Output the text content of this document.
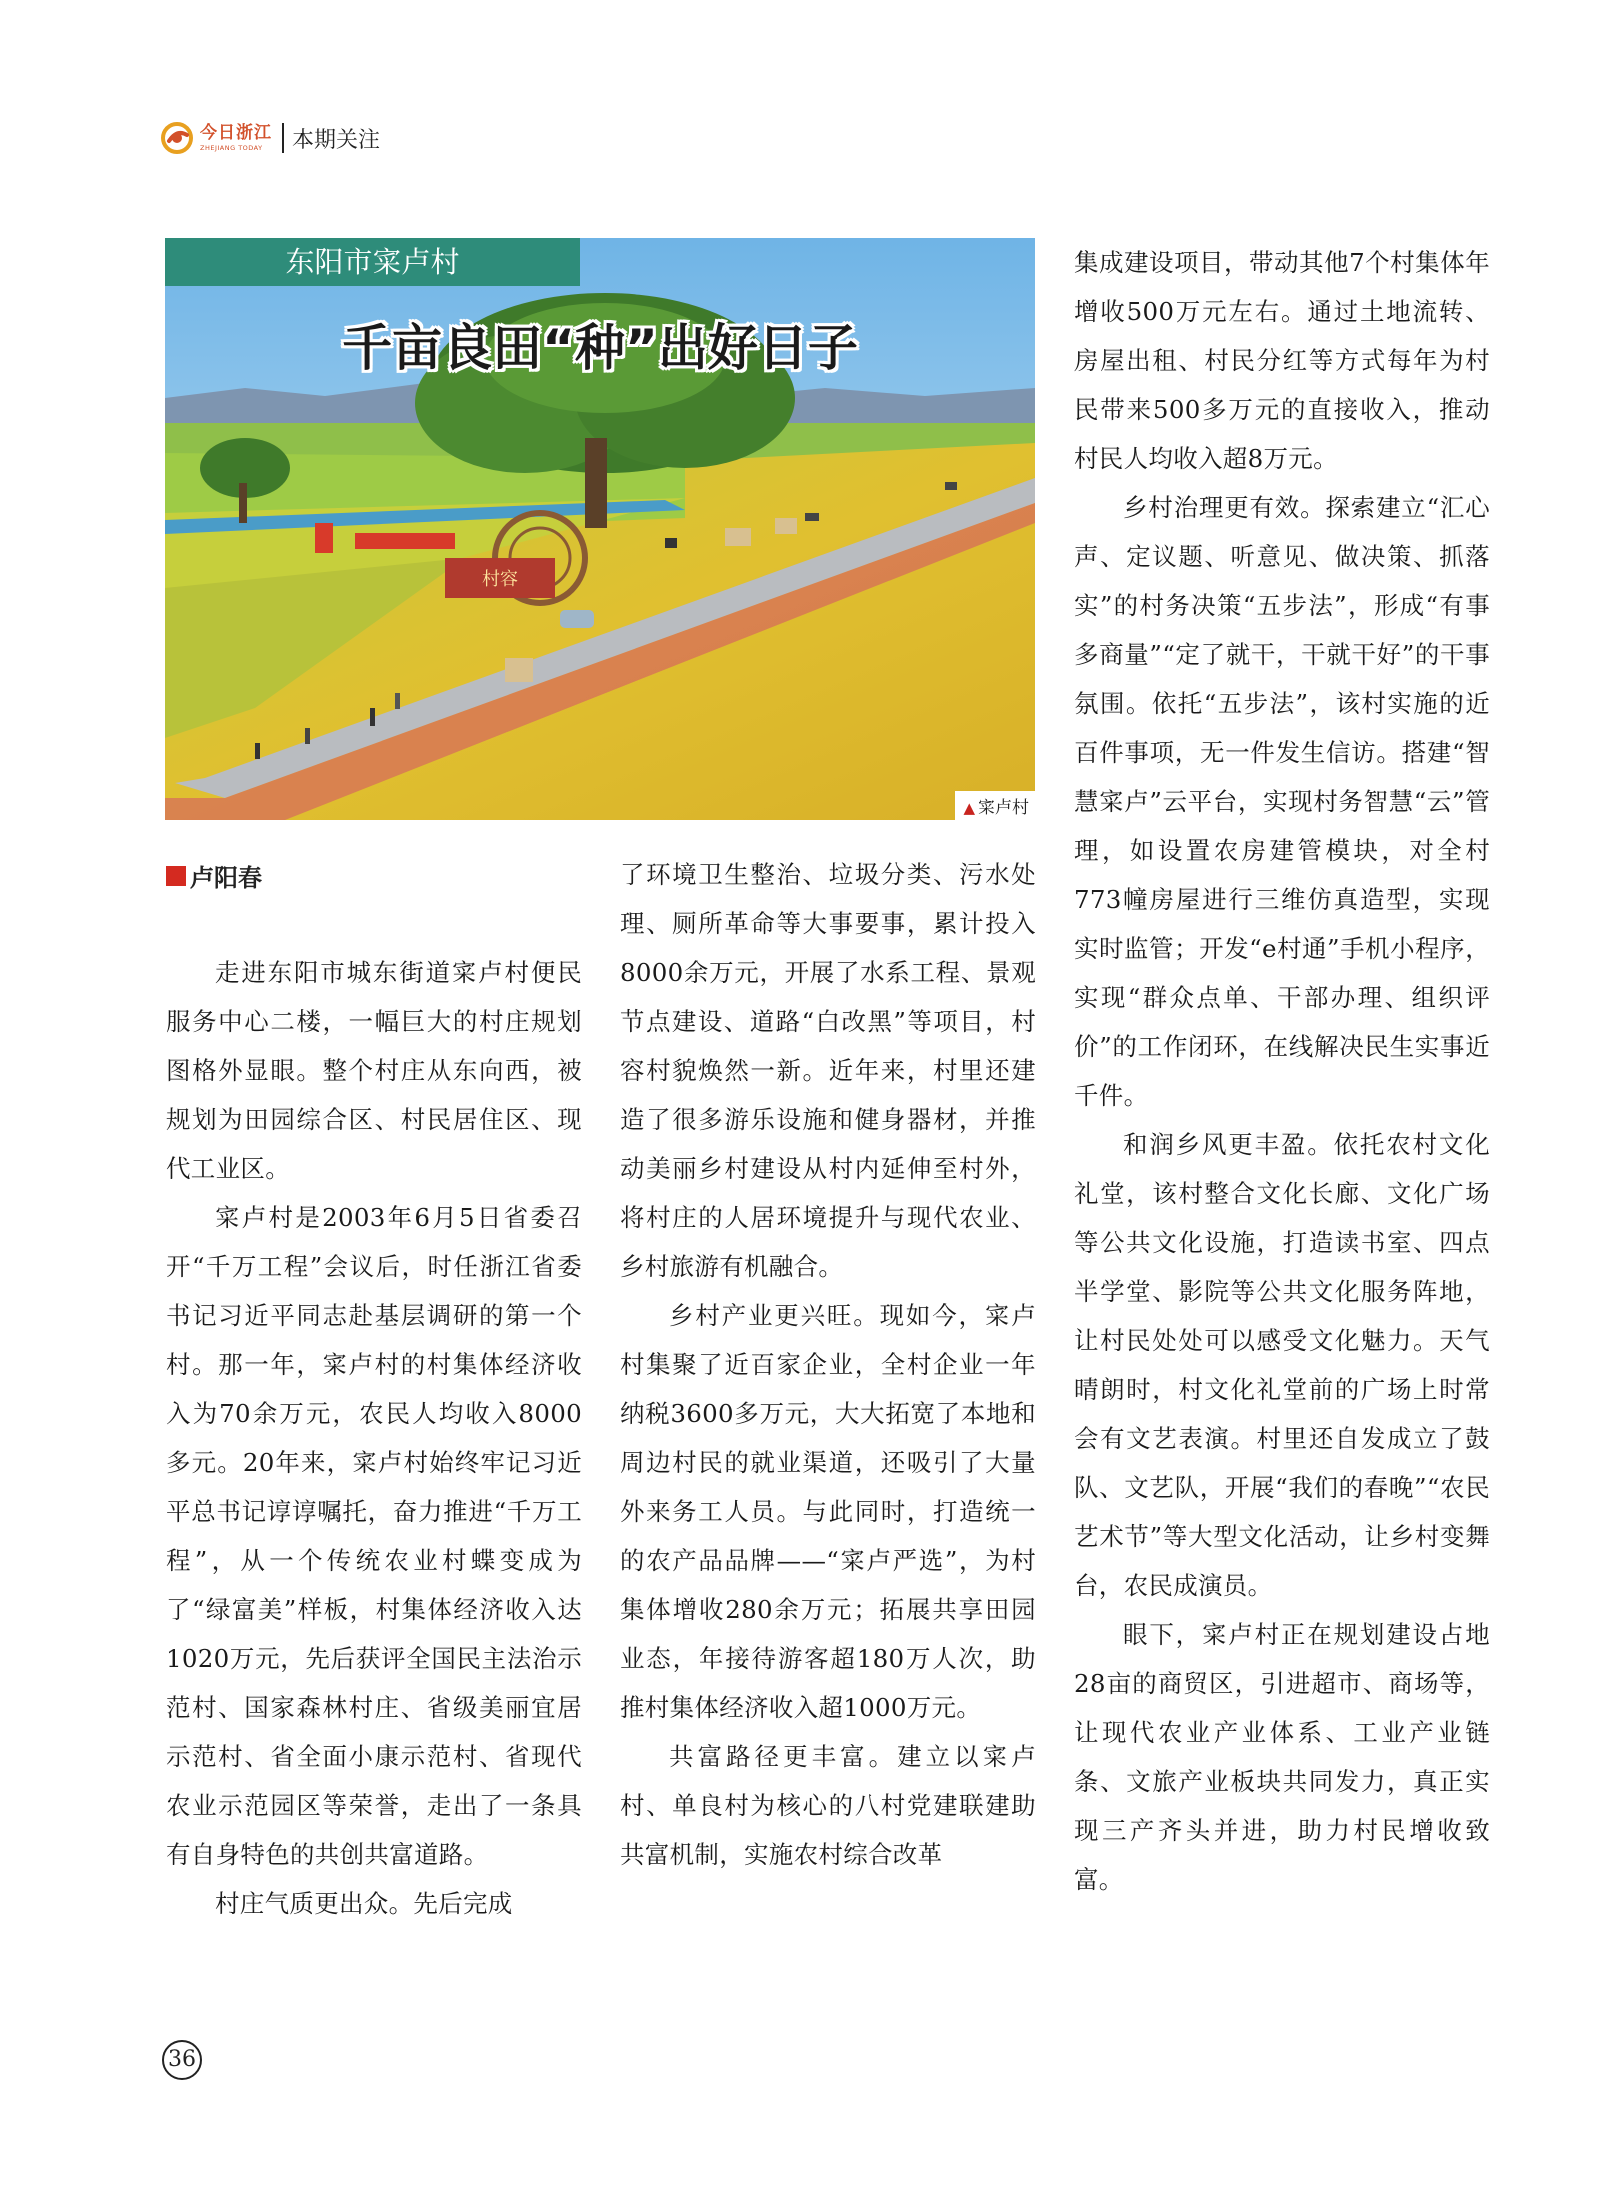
今日浙江
ZHEJIANG TODAY	本期关注
村容
东阳市寀卢村
千亩良田“种”出好日子
▲ 寀卢村
卢阳春

走进东阳市城东街道寀卢村便民服务中心二楼，一幅巨大的村庄规划图格外显眼。整个村庄从东向西，被规划为田园综合区、村民居住区、现代工业区。

寀卢村是2003年6月5日省委召开“千万工程”会议后，时任浙江省委书记习近平同志赴基层调研的第一个村。那一年，寀卢村的村集体经济收入为70余万元，农民人均收入8000多元。20年来，寀卢村始终牢记习近平总书记谆谆嘱托，奋力推进“千万工程”，从一个传统农业村蝶变成为了“绿富美”样板，村集体经济收入达1020万元，先后获评全国民主法治示范村、国家森林村庄、省级美丽宜居示范村、省全面小康示范村、省现代农业示范园区等荣誉，走出了一条具有自身特色的共创共富道路。

村庄气质更出众。先后完成

了环境卫生整治、垃圾分类、污水处理、厕所革命等大事要事，累计投入8000余万元，开展了水系工程、景观节点建设、道路“白改黑”等项目，村容村貌焕然一新。近年来，村里还建造了很多游乐设施和健身器材，并推动美丽乡村建设从村内延伸至村外，将村庄的人居环境提升与现代农业、乡村旅游有机融合。

乡村产业更兴旺。现如今，寀卢村集聚了近百家企业，全村企业一年纳税3600多万元，大大拓宽了本地和周边村民的就业渠道，还吸引了大量外来务工人员。与此同时，打造统一的农产品品牌——“寀卢严选”，为村集体增收280余万元；拓展共享田园业态，年接待游客超180万人次，助推村集体经济收入超1000万元。

共富路径更丰富。建立以寀卢村、单良村为核心的八村党建联建助共富机制，实施农村综合改革

集成建设项目，带动其他7个村集体年增收500万元左右。通过土地流转、房屋出租、村民分红等方式每年为村民带来500多万元的直接收入，推动村民人均收入超8万元。

乡村治理更有效。探索建立“汇心声、定议题、听意见、做决策、抓落实”的村务决策“五步法”，形成“有事多商量”“定了就干，干就干好”的干事氛围。依托“五步法”，该村实施的近百件事项，无一件发生信访。搭建“智慧寀卢”云平台，实现村务智慧“云”管理，如设置农房建管模块，对全村773幢房屋进行三维仿真造型，实现实时监管；开发“e村通”手机小程序，实现“群众点单、干部办理、组织评价”的工作闭环，在线解决民生实事近千件。

和润乡风更丰盈。依托农村文化礼堂，该村整合文化长廊、文化广场等公共文化设施，打造读书室、四点半学堂、影院等公共文化服务阵地，让村民处处可以感受文化魅力。天气晴朗时，村文化礼堂前的广场上时常会有文艺表演。村里还自发成立了鼓队、文艺队，开展“我们的春晚”“农民艺术节”等大型文化活动，让乡村变舞台，农民成演员。

眼下，寀卢村正在规划建设占地28亩的商贸区，引进超市、商场等，让现代农业产业体系、工业产业链条、文旅产业板块共同发力，真正实现三产齐头并进，助力村民增收致富。

36
